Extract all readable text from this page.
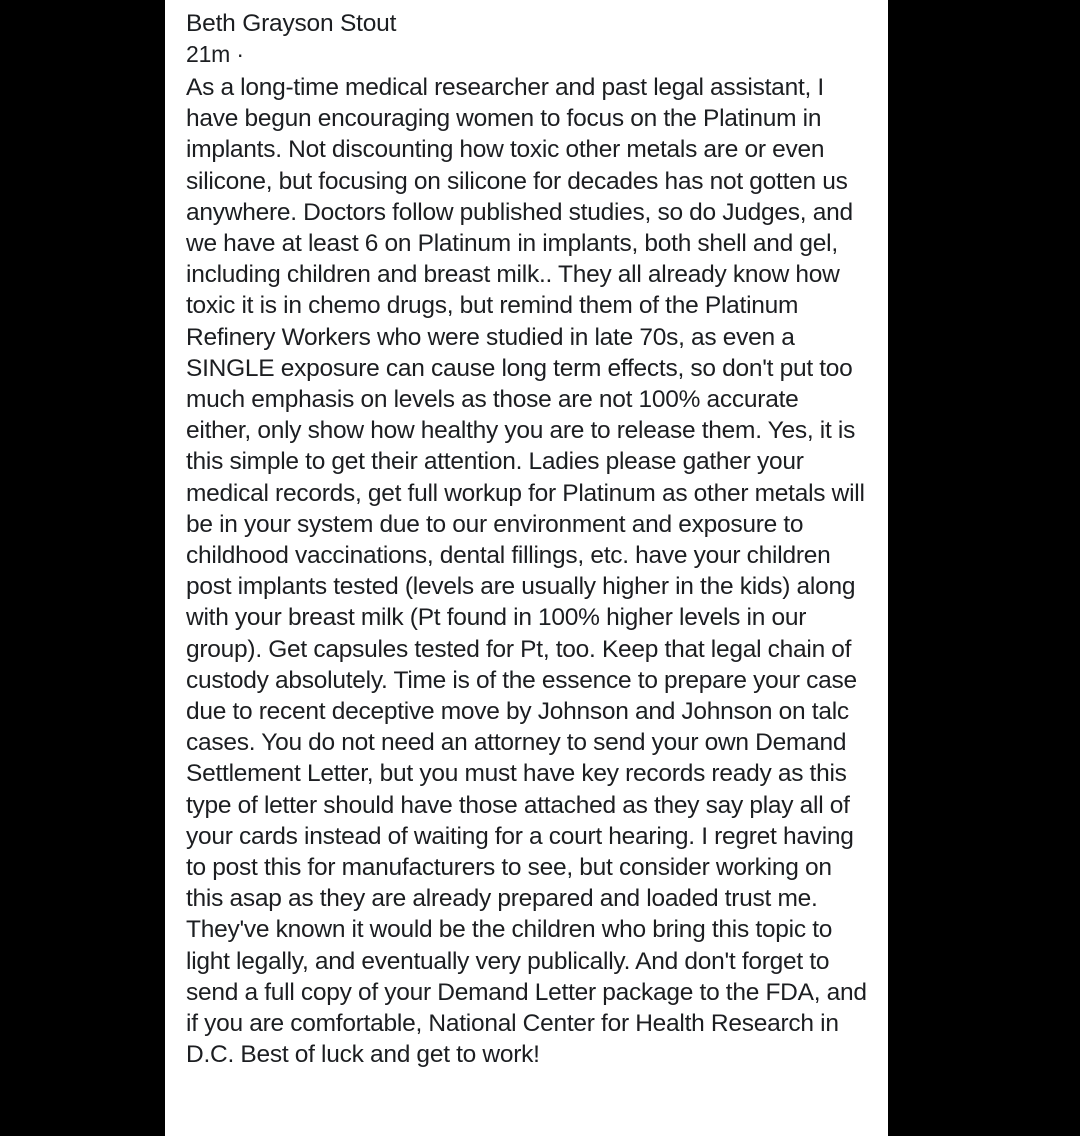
Beth Grayson Stout
21m ·
As a long-time medical researcher and past legal assistant, I have begun encouraging women to focus on the Platinum in implants. Not discounting how toxic other metals are or even silicone, but focusing on silicone for decades has not gotten us anywhere. Doctors follow published studies, so do Judges, and we have at least 6 on Platinum in implants, both shell and gel, including children and breast milk.. They all already know how toxic it is in chemo drugs, but remind them of the Platinum Refinery Workers who were studied in late 70s, as even a SINGLE exposure can cause long term effects, so don't put too much emphasis on levels as those are not 100% accurate either, only show how healthy you are to release them. Yes, it is this simple to get their attention. Ladies please gather your medical records, get full workup for Platinum as other metals will be in your system due to our environment and exposure to childhood vaccinations, dental fillings, etc. have your children post implants tested (levels are usually higher in the kids) along with your breast milk (Pt found in 100% higher levels in our group). Get capsules tested for Pt, too. Keep that legal chain of custody absolutely. Time is of the essence to prepare your case due to recent deceptive move by Johnson and Johnson on talc cases. You do not need an attorney to send your own Demand Settlement Letter, but you must have key records ready as this type of letter should have those attached as they say play all of your cards instead of waiting for a court hearing. I regret having to post this for manufacturers to see, but consider working on this asap as they are already prepared and loaded trust me. They've known it would be the children who bring this topic to light legally, and eventually very publically. And don't forget to send a full copy of your Demand Letter package to the FDA, and if you are comfortable, National Center for Health Research in D.C. Best of luck and get to work!
